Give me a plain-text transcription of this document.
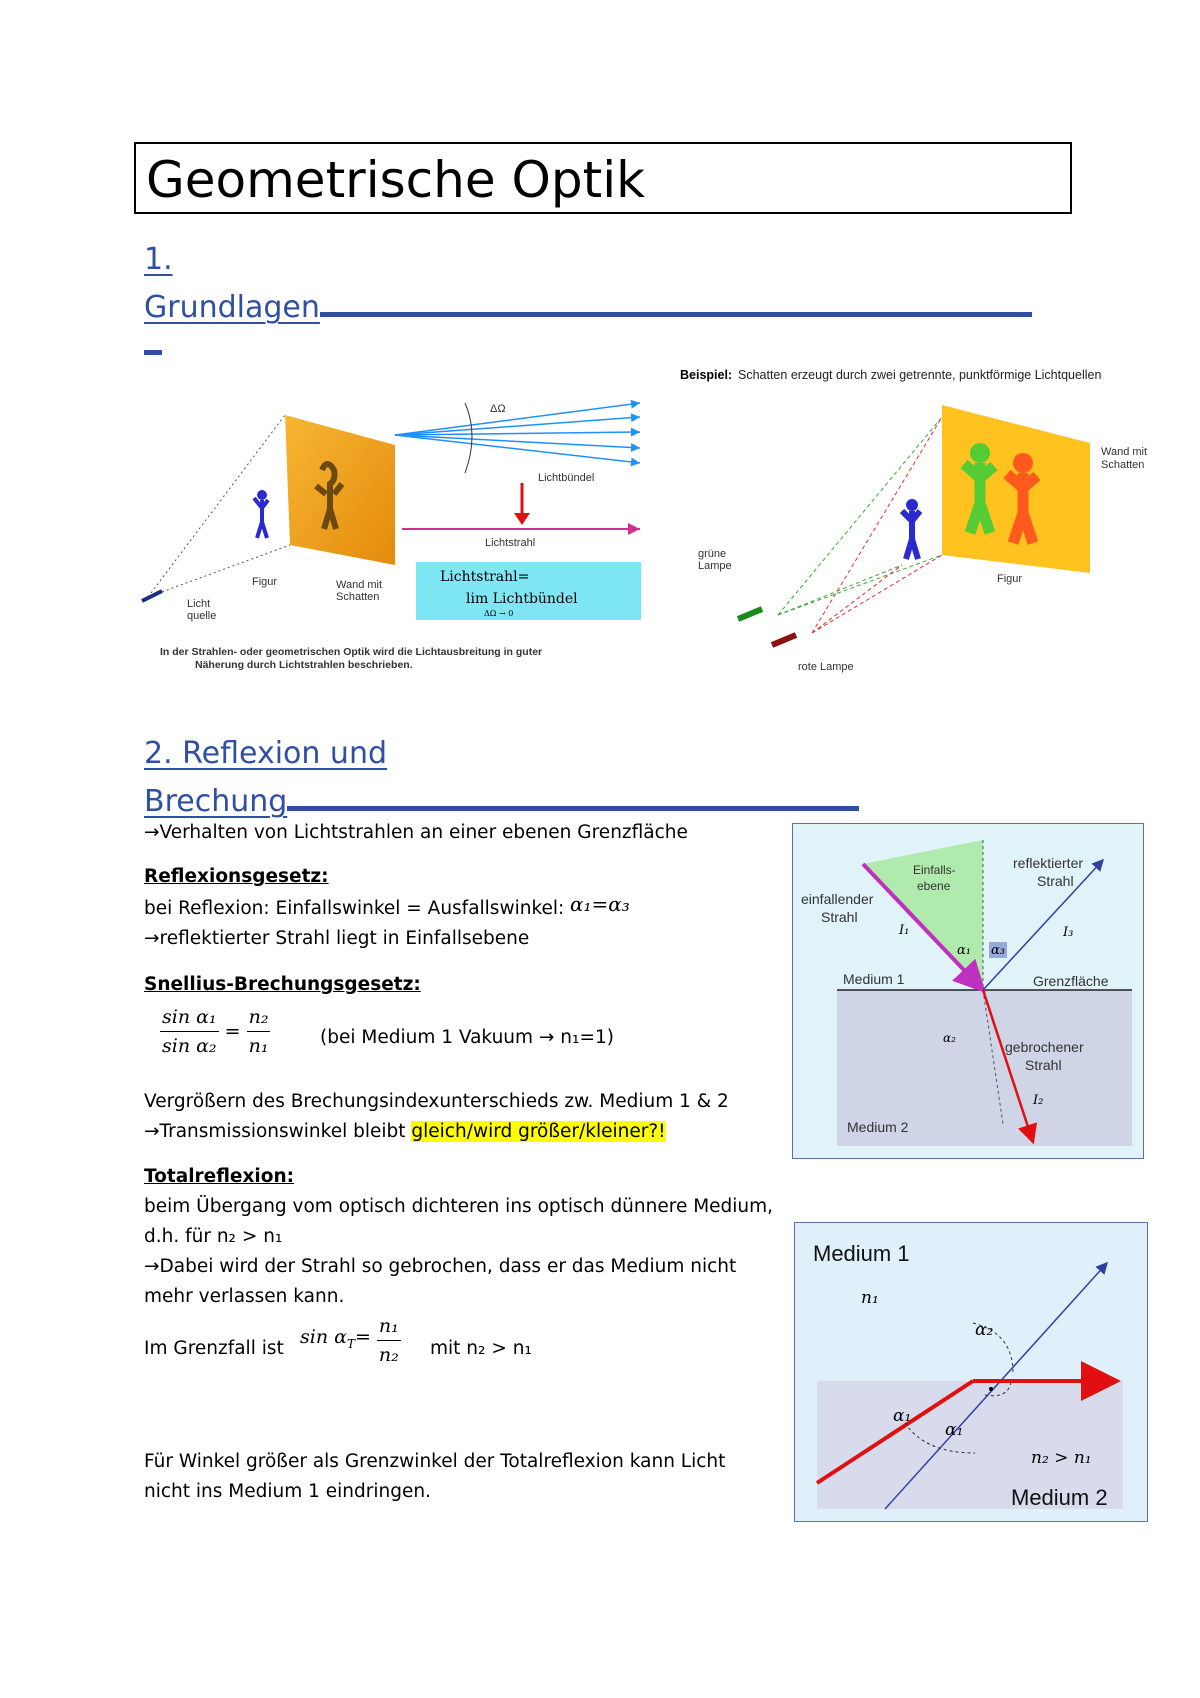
Geometrische Optik
1.
Grundlagen
Figur
Licht
quelle
Wand mit
Schatten
ΔΩ
Lichtbündel
Lichtstrahl
Lichtstrahl=
lim Lichtbündel
ΔΩ → 0
In der Strahlen- oder geometrischen Optik wird die Lichtausbreitung in guter
Näherung durch Lichtstrahlen beschrieben.
Beispiel: Schatten erzeugt durch zwei getrennte, punktförmige Lichtquellen
Wand mit
Schatten
grüne
Lampe
Figur
rote Lampe
2. Reflexion und
Brechung
→Verhalten von Lichtstrahlen an einer ebenen Grenzfläche
Reflexionsgesetz:
bei Reflexion: Einfallswinkel = Ausfallswinkel: α₁=α₃
→reflektierter Strahl liegt in Einfallsebene
Snellius-Brechungsgesetz:
$\frac{\text{sin α₁}}{\text{sin α₂}} = \frac{\text{n₂}}{\text{n₁}}$	(bei Medium 1 Vakuum → n₁=1)
Vergrößern des Brechungsindexunterschieds zw. Medium 1 & 2
→Transmissionswinkel bleibt gleich/wird größer/kleiner?!
Totalreflexion:
beim Übergang vom optisch dichteren ins optisch dünnere Medium,
d.h. für n₂ > n₁
→Dabei wird der Strahl so gebrochen, dass er das Medium nicht
mehr verlassen kann.
Im Grenzfall ist
$\sin \alpha_T= \frac{\text{n₁}}{\text{n₂}}$ mit n₂ > n₁
Für Winkel größer als Grenzwinkel der Totalreflexion kann Licht
nicht ins Medium 1 eindringen.
einfallender
Strahl
Einfalls-
ebene
reflektierter
Strahl
Medium 1	Grenzfläche
gebrochener
Strahl
Medium 2
α₁ α₃
α₂
I₁	I₃
I₂
Medium 1
n₁
α₂
α₁
α₁
n₂ > n₁
Medium 2
